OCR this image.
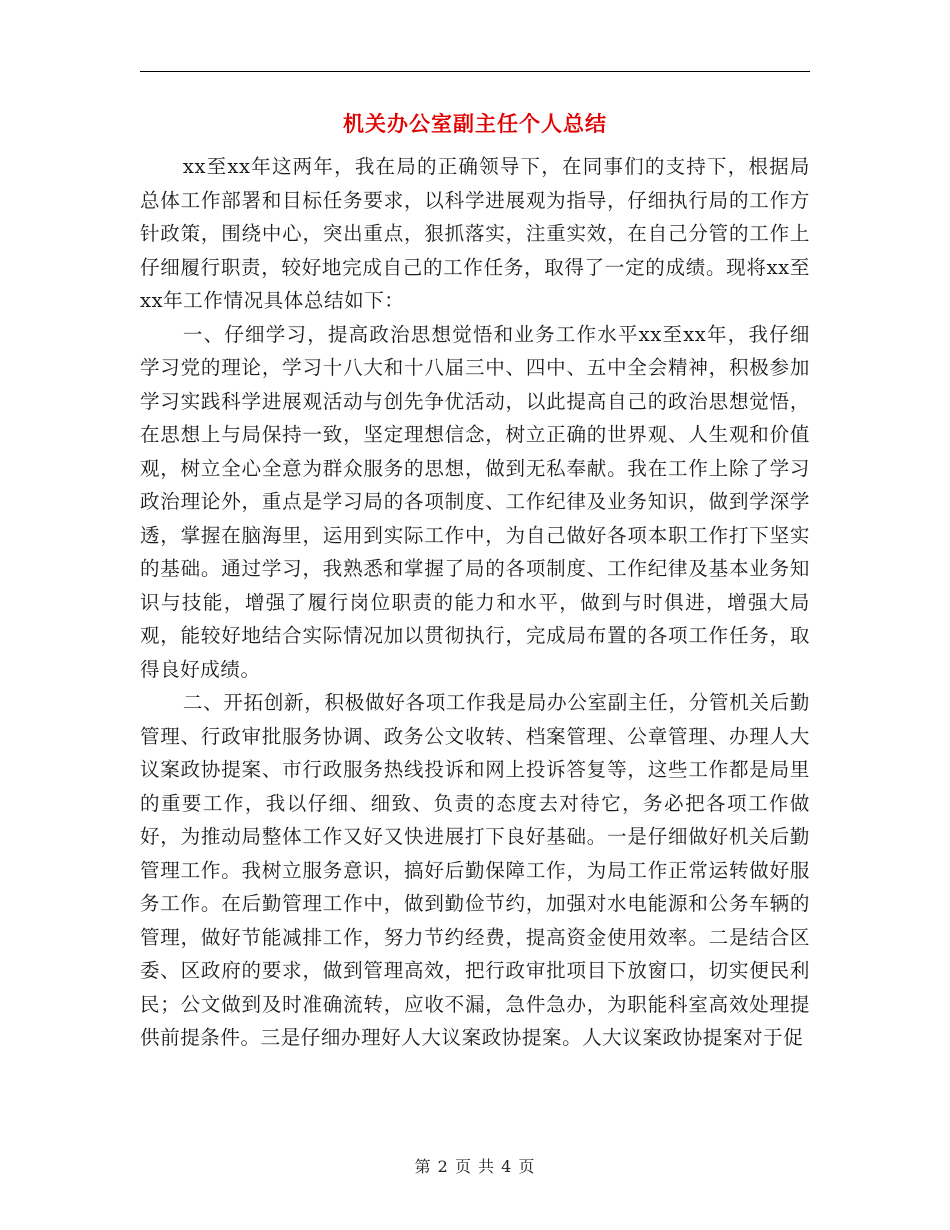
机关办公室副主任个人总结

xx至xx年这两年，我在局的正确领导下，在同事们的支持下，根据局总体工作部署和目标任务要求，以科学进展观为指导，仔细执行局的工作方针政策，围绕中心，突出重点，狠抓落实，注重实效，在自己分管的工作上仔细履行职责，较好地完成自己的工作任务，取得了一定的成绩。现将xx至xx年工作情况具体总结如下：

一、仔细学习，提高政治思想觉悟和业务工作水平xx至xx年，我仔细学习党的理论，学习十八大和十八届三中、四中、五中全会精神，积极参加学习实践科学进展观活动与创先争优活动，以此提高自己的政治思想觉悟，在思想上与局保持一致，坚定理想信念，树立正确的世界观、人生观和价值观，树立全心全意为群众服务的思想，做到无私奉献。我在工作上除了学习政治理论外，重点是学习局的各项制度、工作纪律及业务知识，做到学深学透，掌握在脑海里，运用到实际工作中，为自己做好各项本职工作打下坚实的基础。通过学习，我熟悉和掌握了局的各项制度、工作纪律及基本业务知识与技能，增强了履行岗位职责的能力和水平，做到与时俱进，增强大局观，能较好地结合实际情况加以贯彻执行，完成局布置的各项工作任务，取得良好成绩。

二、开拓创新，积极做好各项工作我是局办公室副主任，分管机关后勤管理、行政审批服务协调、政务公文收转、档案管理、公章管理、办理人大议案政协提案、市行政服务热线投诉和网上投诉答复等，这些工作都是局里的重要工作，我以仔细、细致、负责的态度去对待它，务必把各项工作做好，为推动局整体工作又好又快进展打下良好基础。一是仔细做好机关后勤管理工作。我树立服务意识，搞好后勤保障工作，为局工作正常运转做好服务工作。在后勤管理工作中，做到勤俭节约，加强对水电能源和公务车辆的管理，做好节能减排工作，努力节约经费，提高资金使用效率。二是结合区委、区政府的要求，做到管理高效，把行政审批项目下放窗口，切实便民利民；公文做到及时准确流转，应收不漏，急件急办，为职能科室高效处理提供前提条件。三是仔细办理好人大议案政协提案。人大议案政协提案对于促

第 2 页 共 4 页
